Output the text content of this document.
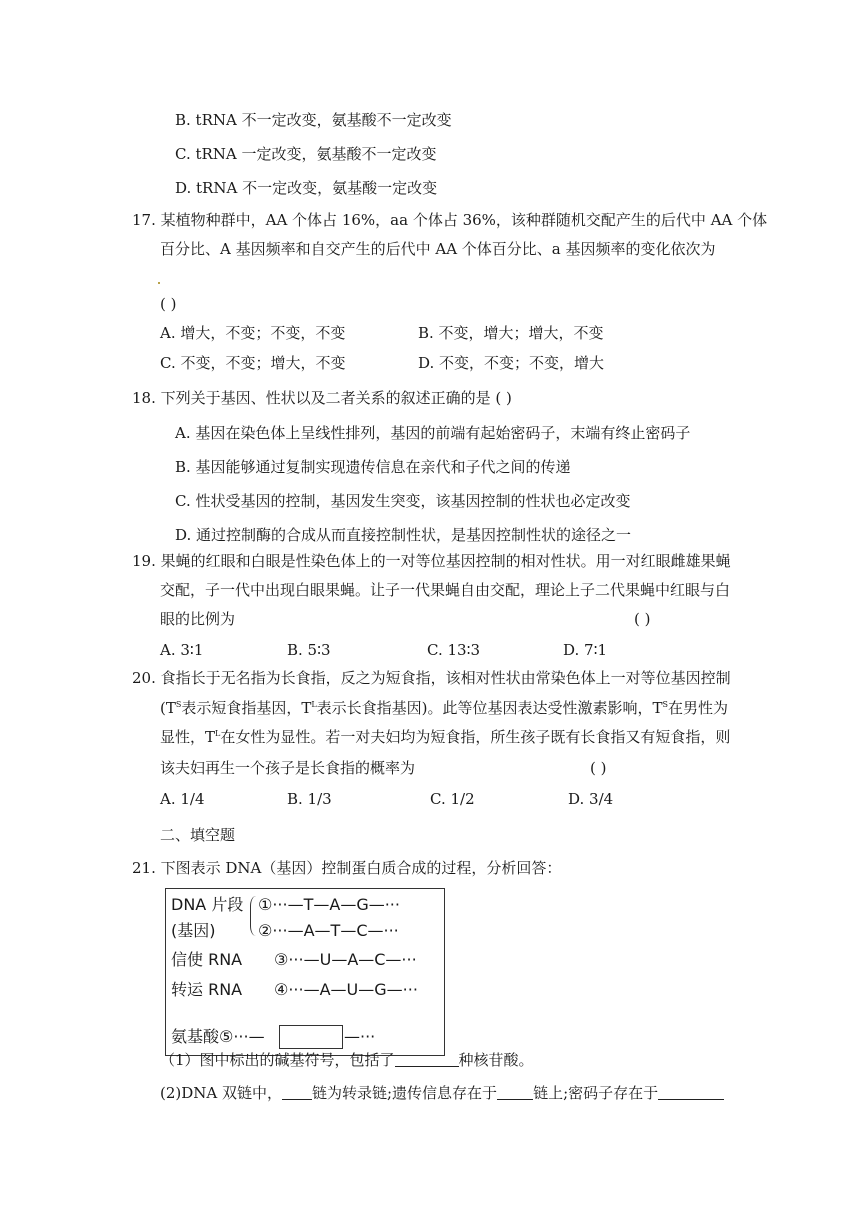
B. tRNA 不一定改变，氨基酸不一定改变
C. tRNA 一定改变，氨基酸不一定改变
D. tRNA 不一定改变，氨基酸一定改变
17. 某植物种群中，AA 个体占 16%，aa 个体占 36%，该种群随机交配产生的后代中 AA 个体
百分比、A 基因频率和自交产生的后代中 AA 个体百分比、a 基因频率的变化依次为
( )
A. 增大，不变；不变，不变	B. 不变，增大；增大，不变
C. 不变，不变；增大，不变	D. 不变，不变；不变，增大
18. 下列关于基因、性状以及二者关系的叙述正确的是 ( )
A. 基因在染色体上呈线性排列，基因的前端有起始密码子，末端有终止密码子
B. 基因能够通过复制实现遗传信息在亲代和子代之间的传递
C. 性状受基因的控制，基因发生突变，该基因控制的性状也必定改变
D. 通过控制酶的合成从而直接控制性状，是基因控制性状的途径之一
19. 果蝇的红眼和白眼是性染色体上的一对等位基因控制的相对性状。用一对红眼雌雄果蝇
交配，子一代中出现白眼果蝇。让子一代果蝇自由交配，理论上子二代果蝇中红眼与白
眼的比例为	( )
A. 3∶1	B. 5∶3	C. 13∶3	D. 7∶1
20. 食指长于无名指为长食指，反之为短食指，该相对性状由常染色体上一对等位基因控制
($T^S$表示短食指基因，$T^L$表示长食指基因)。此等位基因表达受性激素影响，$T^S$在男性为
显性，$T^L$在女性为显性。若一对夫妇均为短食指，所生孩子既有长食指又有短食指，则
该夫妇再生一个孩子是长食指的概率为	( )
A. 1/4	B. 1/3	C. 1/2	D. 3/4
二、填空题
21. 下图表示 DNA（基因）控制蛋白质合成的过程，分析回答：
DNA 片段 ①···—T—A—G—···
(基因)	②···—A—T—C—···
信使 RNA ③···—U—A—C—···
转运 RNA ④···—A—U—G—···
氨基酸⑤···—	—···
（1）图中标出的碱基符号，包括了	种核苷酸。
(2)DNA 双链中， 链为转录链;遗传信息存在于 链上;密码子存在于
